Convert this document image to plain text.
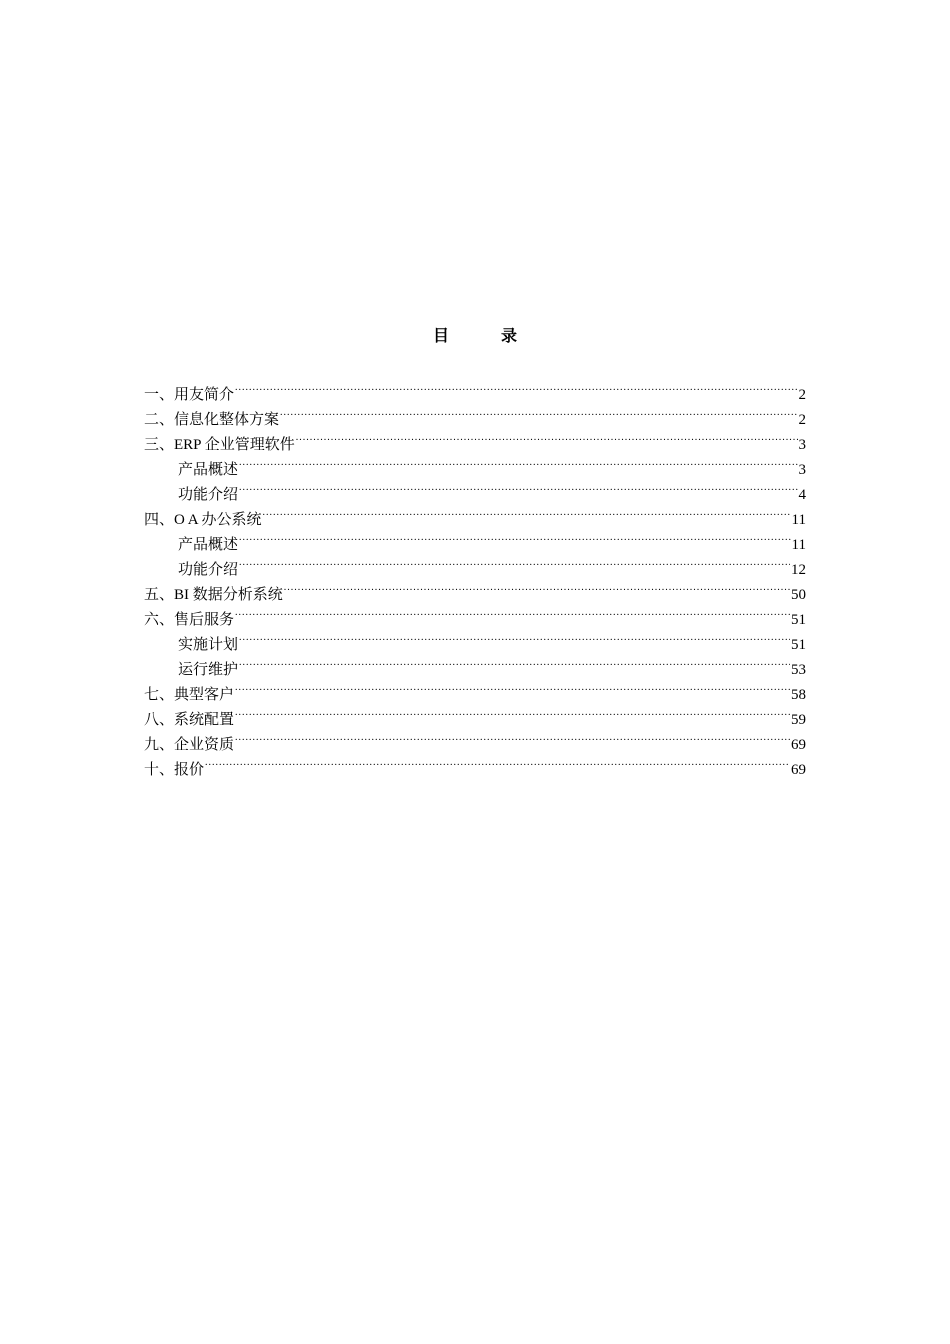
目　录
一、用友简介 .....	2
二、信息化整体方案 .....	2
三、ERP 企业管理软件 .....	3
产品概述 .....	3
功能介绍 .....	4
四、O A 办公系统 .....	11
产品概述 .....	11
功能介绍 .....	12
五、BI 数据分析系统 .....	50
六、售后服务 .....	51
实施计划 .....	51
运行维护 .....	53
七、典型客户 .....	58
八、系统配置 .....	59
九、企业资质 .....	69
十、报价 .....	69
